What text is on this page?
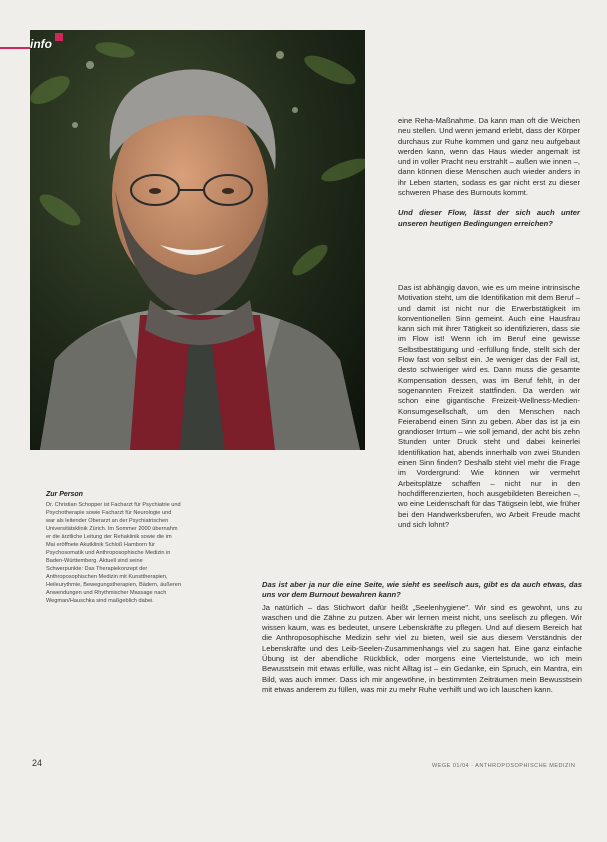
info

eine Reha-Maßnahme. Da kann man oft die Weichen neu stellen. Und wenn jemand erlebt, dass der Körper durchaus zur Ruhe kommen und ganz neu aufgebaut werden kann, wenn das Haus wieder angemalt ist und in voller Pracht neu erstrahlt – außen wie innen –, dann können diese Menschen auch wieder anders in ihr Leben starten, sodass es gar nicht erst zu dieser schweren Phase des Burnouts kommt.

Und dieser Flow, lässt der sich auch unter unseren heutigen Bedingungen erreichen?

Das ist abhängig davon, wie es um meine intrinsische Motivation steht, um die Identifikation mit dem Beruf – und damit ist nicht nur die Erwerbstätigkeit im konventionellen Sinn gemeint. Auch eine Hausfrau kann sich mit ihrer Tätigkeit so identifizieren, dass sie im Flow ist! Wenn ich im Beruf eine gewisse Selbstbestätigung und -erfüllung finde, stellt sich der Flow fast von selbst ein. Je weniger das der Fall ist, desto schwieriger wird es. Dann muss die gesamte Kompensation dessen, was im Beruf fehlt, in der sogenannten Freizeit stattfinden. Da werden wir schon eine gigantische Freizeit-Wellness-Medien-Konsumgesellschaft, um den Menschen nach Feierabend einen Sinn zu geben. Aber das ist ja ein grandioser Irrtum – wie soll jemand, der acht bis zehn Stunden unter Druck steht und dabei keinerlei Identifikation hat, abends innerhalb von zwei Stunden einen Sinn finden? Deshalb steht viel mehr die Frage im Vordergrund: Wie können wir vermehrt Arbeitsplätze schaffen – nicht nur in den hochdifferenzierten, hoch ausgebildeten Bereichen –, wo eine Leidenschaft für das Tätigsein lebt, wie früher bei den Handwerksberufen, wo Arbeit Freude macht und sich lohnt?

Zur Person
Dr. Christian Schopper ist Facharzt für Psychiatrie und Psychotherapie sowie Facharzt für Neurologie und war als leitender Oberarzt an der Psychiatrischen Universitätsklinik Zürich. Im Sommer 2000 übernahm er die ärztliche Leitung der Rehaklinik sowie die im Mai eröffnete Akutklinik Schloß Hamborn für Psychosomatik und Anthroposophische Medizin in Baden-Württemberg. Aktuell sind seine Schwerpunkte: Das Therapiekonzept der Anthroposophischen Medizin mit Kunsttherapien, Heileurythmie, Bewegungstherapien, Bädern, äußeren Anwendungen und Rhythmischer Massage nach Wegman/Hauschka sind maßgeblich dabei.

Das ist aber ja nur die eine Seite, wie sieht es seelisch aus, gibt es da auch etwas, das uns vor dem Burnout bewahren kann?

Ja natürlich – das Stichwort dafür heißt „Seelenhygiene". Wir sind es gewohnt, uns zu waschen und die Zähne zu putzen. Aber wir lernen meist nicht, uns seelisch zu pflegen. Wir wissen kaum, was es bedeutet, unsere Lebenskräfte zu pflegen. Und auf diesem Bereich hat die Anthroposophische Medizin sehr viel zu bieten, weil sie aus diesem Verständnis der Lebenskräfte und des Leib-Seelen-Zusammenhangs viel zu sagen hat. Eine ganz einfache Übung ist der abendliche Rückblick, oder morgens eine Viertelstunde, wo ich mein Bewusstsein mit etwas erfülle, was nicht Alltag ist – ein Gedanke, ein Spruch, ein Mantra, ein Bild, was auch immer. Dass ich mir angewöhne, in bestimmten Zeiträumen mein Bewusstsein mit etwas anderem zu füllen, was mir zu mehr Ruhe verhilft und wo ich lauschen kann.

24	WEGE 01/04 · ANTHROPOSOPHISCHE MEDIZIN
